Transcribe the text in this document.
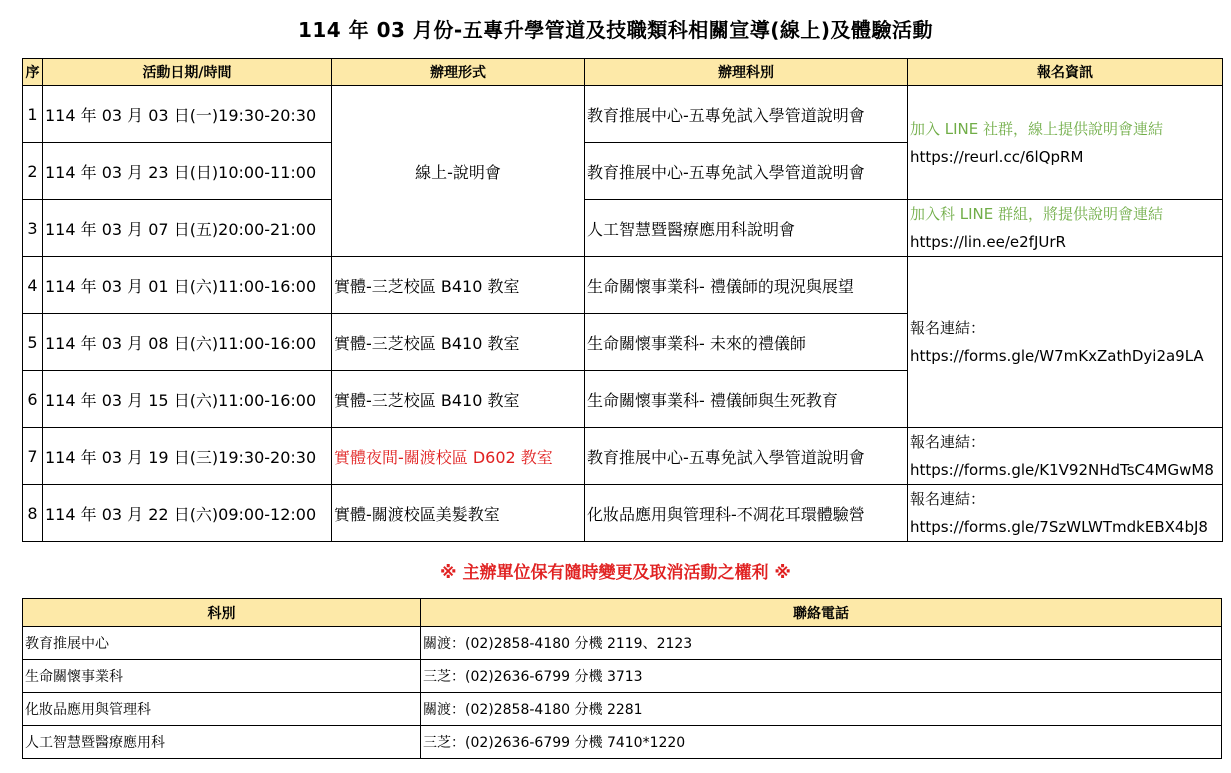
114 年 03 月份-五專升學管道及技職類科相關宣導(線上)及體驗活動
序	活動日期/時間	辦理形式	辦理科別	報名資訊
1	114 年 03 月 03 日(一)19:30-20:30	線上-說明會	教育推展中心-五專免試入學管道說明會	加入 LINE 社群，線上提供說明會連結
https://reurl.cc/6lQpRM

2	114 年 03 月 23 日(日)10:00-11:00		教育推展中心-五專免試入學管道說明會	
3	114 年 03 月 07 日(五)20:00-21:00		人工智慧暨醫療應用科說明會	加入科 LINE 群組，將提供說明會連結
https://lin.ee/e2fJUrR

4	114 年 03 月 01 日(六)11:00-16:00	實體-三芝校區 B410 教室	生命關懷事業科- 禮儀師的現況與展望	報名連結：
https://forms.gle/W7mKxZathDyi2a9LA

5	114 年 03 月 08 日(六)11:00-16:00	實體-三芝校區 B410 教室	生命關懷事業科- 未來的禮儀師	
6	114 年 03 月 15 日(六)11:00-16:00	實體-三芝校區 B410 教室	生命關懷事業科- 禮儀師與生死教育	
7	114 年 03 月 19 日(三)19:30-20:30	實體夜間-關渡校區 D602 教室	教育推展中心-五專免試入學管道說明會	報名連結：
https://forms.gle/K1V92NHdTsC4MGwM8

8	114 年 03 月 22 日(六)09:00-12:00	實體-關渡校區美髮教室	化妝品應用與管理科-不凋花耳環體驗營	報名連結：
https://forms.gle/7SzWLWTmdkEBX4bJ8
※ 主辦單位保有隨時變更及取消活動之權利 ※
科別	聯絡電話
教育推展中心	關渡：(02)2858-4180 分機 2119、2123
生命關懷事業科	三芝：(02)2636-6799 分機 3713
化妝品應用與管理科	關渡：(02)2858-4180 分機 2281
人工智慧暨醫療應用科	三芝：(02)2636-6799 分機 7410*1220
